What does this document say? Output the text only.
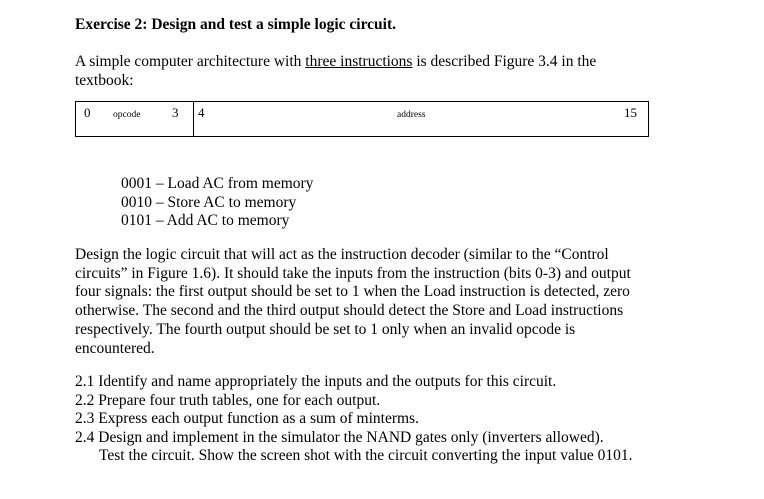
Exercise 2: Design and test a simple logic circuit.
A simple computer architecture with three instructions is described Figure 3.4 in the
textbook:
0 opcode 3 4	address	15
0001 – Load AC from memory
0010 – Store AC to memory
0101 – Add AC to memory
Design the logic circuit that will act as the instruction decoder (similar to the “Control
circuits” in Figure 1.6). It should take the inputs from the instruction (bits 0-3) and output
four signals: the first output should be set to 1 when the Load instruction is detected, zero
otherwise. The second and the third output should detect the Store and Load instructions
respectively. The fourth output should be set to 1 only when an invalid opcode is
encountered.
2.1 Identify and name appropriately the inputs and the outputs for this circuit.
2.2 Prepare four truth tables, one for each output.
2.3 Express each output function as a sum of minterms.
2.4 Design and implement in the simulator the NAND gates only (inverters allowed).
Test the circuit. Show the screen shot with the circuit converting the input value 0101.
